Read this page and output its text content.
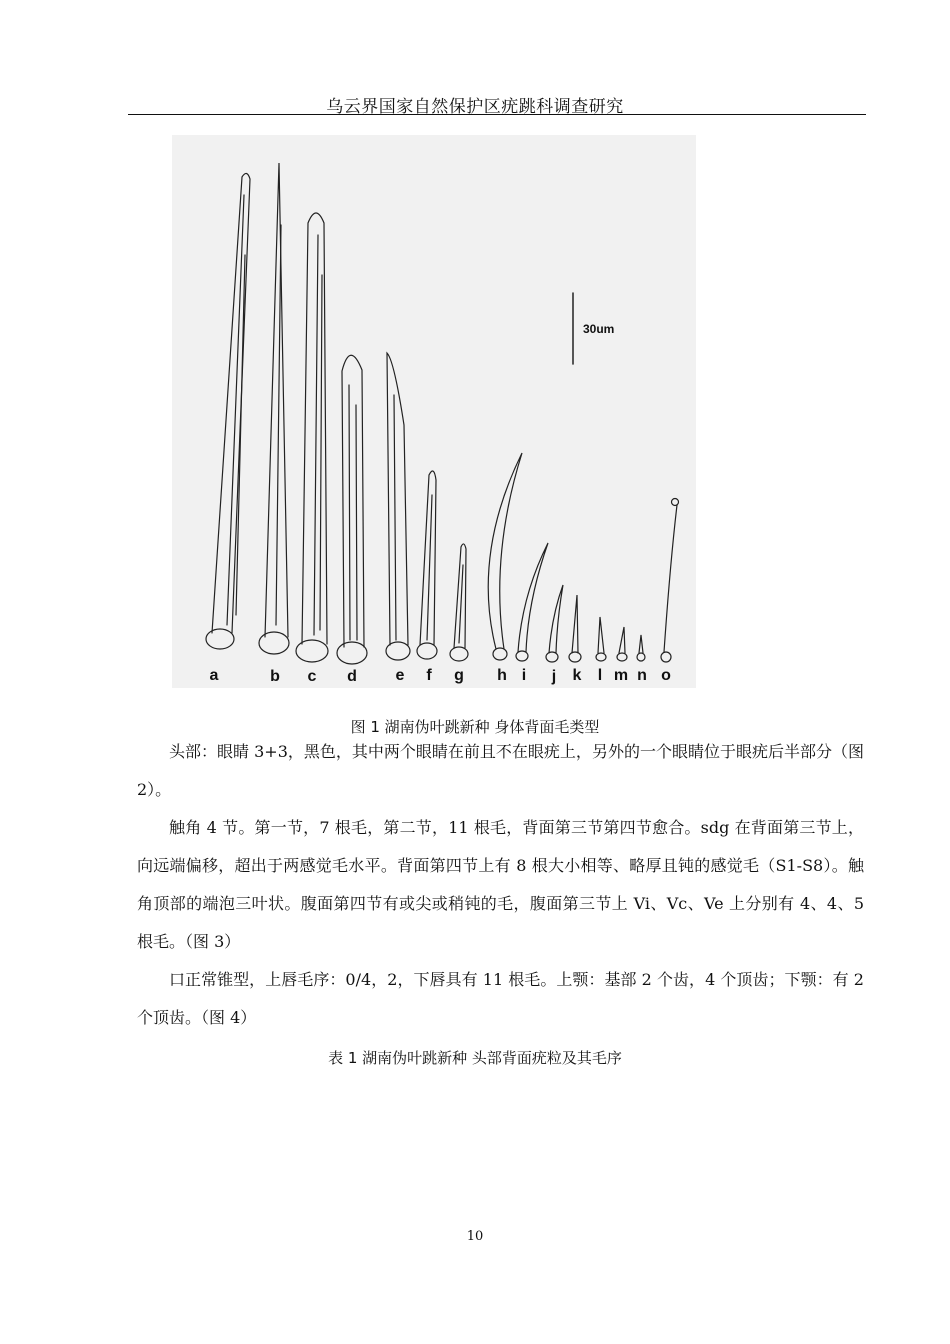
乌云界国家自然保护区疣跳科调查研究
30um
a	b c d e f g h i j k l m n o
图 1 湖南伪叶跳新种 身体背面毛类型

头部：眼睛 3+3，黑色，其中两个眼睛在前且不在眼疣上，另外的一个眼睛位于眼疣后半部分（图 2）。

触角 4 节。第一节，7 根毛，第二节，11 根毛，背面第三节第四节愈合。sdg 在背面第三节上，向远端偏移，超出于两感觉毛水平。背面第四节上有 8 根大小相等、略厚且钝的感觉毛（S1-S8）。触角顶部的端泡三叶状。腹面第四节有或尖或稍钝的毛，腹面第三节上 Vi、Vc、Ve 上分别有 4、4、5 根毛。（图 3）

口正常锥型，上唇毛序：0/4，2，下唇具有 11 根毛。上颚：基部 2 个齿，4 个顶齿；下颚：有 2 个顶齿。（图 4）

表 1 湖南伪叶跳新种 头部背面疣粒及其毛序
10
